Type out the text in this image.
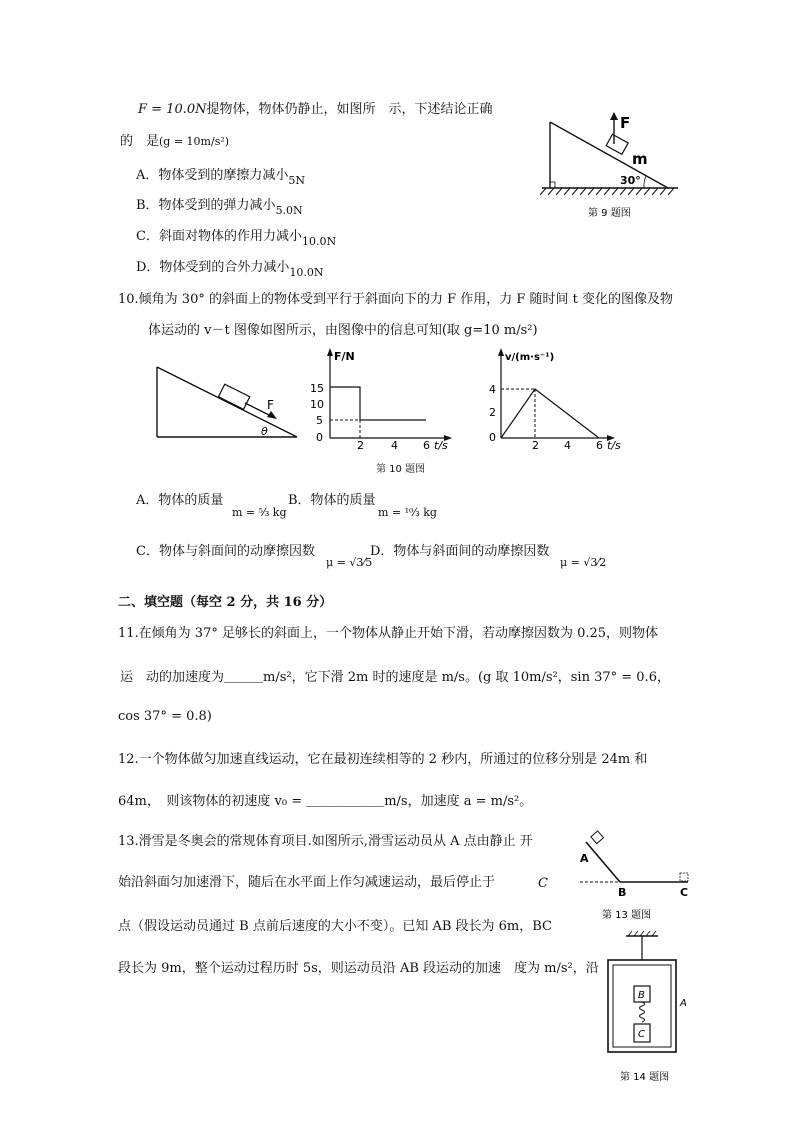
F = 10.0N提物体，物体仍静止，如图所　示，下述结论正确
的　是(g = 10m/s²)
A．物体受到的摩擦力减小$_{5N}$
B．物体受到的弹力减小$_{5.0N}$
C．斜面对物体的作用力减小$_{10.0N}$
D．物体受到的合外力减小$_{10.0N}$
F
m
30°
第 9 题图
10.倾角为 30° 的斜面上的物体受到平行于斜面向下的力 F 作用，力 F 随时间 t 变化的图像及物
体运动的 v－t 图像如图所示，由图像中的信息可知(取 g=10 m/s²)
F
θ
F/N
15
10
5
0
2 4 6 t/s
v/(m·s⁻¹)
4
2
0
2 4 6 t/s
第 10 题图
A．物体的质量
m = ⁵⁄₃ kg
B．物体的质量
m = ¹⁰⁄₃ kg
C．物体与斜面间的动摩擦因数
μ = √3⁄5
D．物体与斜面间的动摩擦因数
μ = √3⁄2
二、填空题（每空 2 分，共 16 分）
11.在倾角为 37° 足够长的斜面上，一个物体从静止开始下滑，若动摩擦因数为 0.25，则物体
运　动的加速度为＿＿＿m/s²，它下滑 2m 时的速度是 m/s。(g 取 10m/s²，sin 37° = 0.6，
cos 37° = 0.8)
12.一个物体做匀加速直线运动，它在最初连续相等的 2 秒内，所通过的位移分别是 24m 和
64m，　则该物体的初速度 v₀ = ＿＿＿＿＿＿m/s，加速度 a = m/s²。
13.滑雪是冬奥会的常规体育项目.如图所示,滑雪运动员从 A 点由静止 开
始沿斜面匀加速滑下，随后在水平面上作匀减速运动，最后停止于	C
点（假设运动员通过 B 点前后速度的大小不变）。已知 AB 段长为 6m，BC
段长为 9m，整个运动过程历时 5s，则运动员沿 AB 段运动的加速　度为 m/s²，沿
A
B	C
第 13 题图
B
C
A
第 14 题图
